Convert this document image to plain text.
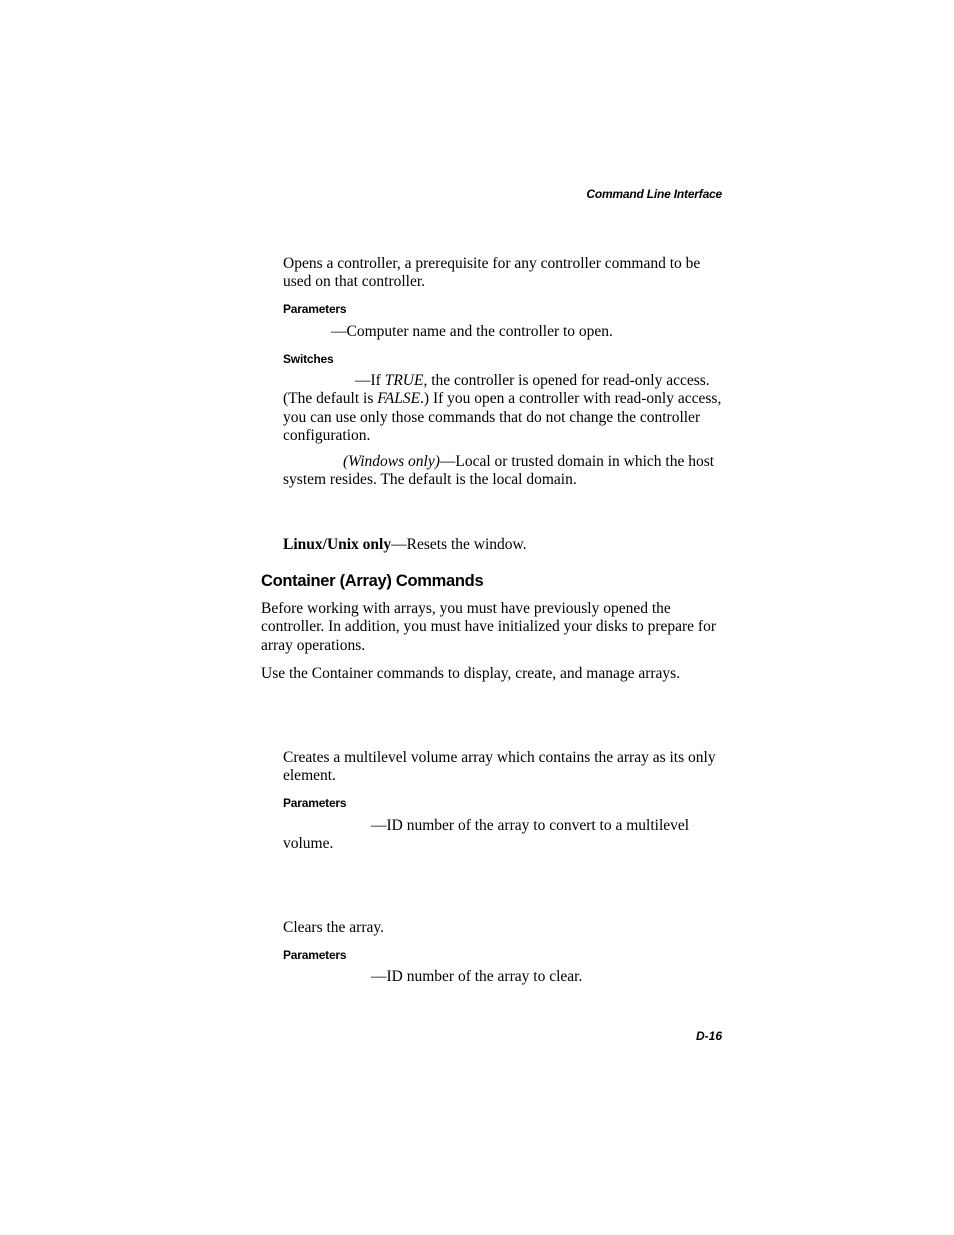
Command Line Interface

Opens a controller, a prerequisite for any controller command to be used on that controller.

Parameters

—Computer name and the controller to open.

Switches

—If TRUE, the controller is opened for read-only access. (The default is FALSE.) If you open a controller with read-only access, you can use only those commands that do not change the controller configuration.

(Windows only)—Local or trusted domain in which the host system resides. The default is the local domain.

Linux/Unix only—Resets the window.

Container (Array) Commands

Before working with arrays, you must have previously opened the controller. In addition, you must have initialized your disks to prepare for array operations.

Use the Container commands to display, create, and manage arrays.

Creates a multilevel volume array which contains the array as its only element.

Parameters

—ID number of the array to convert to a multilevel volume.

Clears the array.

Parameters

—ID number of the array to clear.

D-16
